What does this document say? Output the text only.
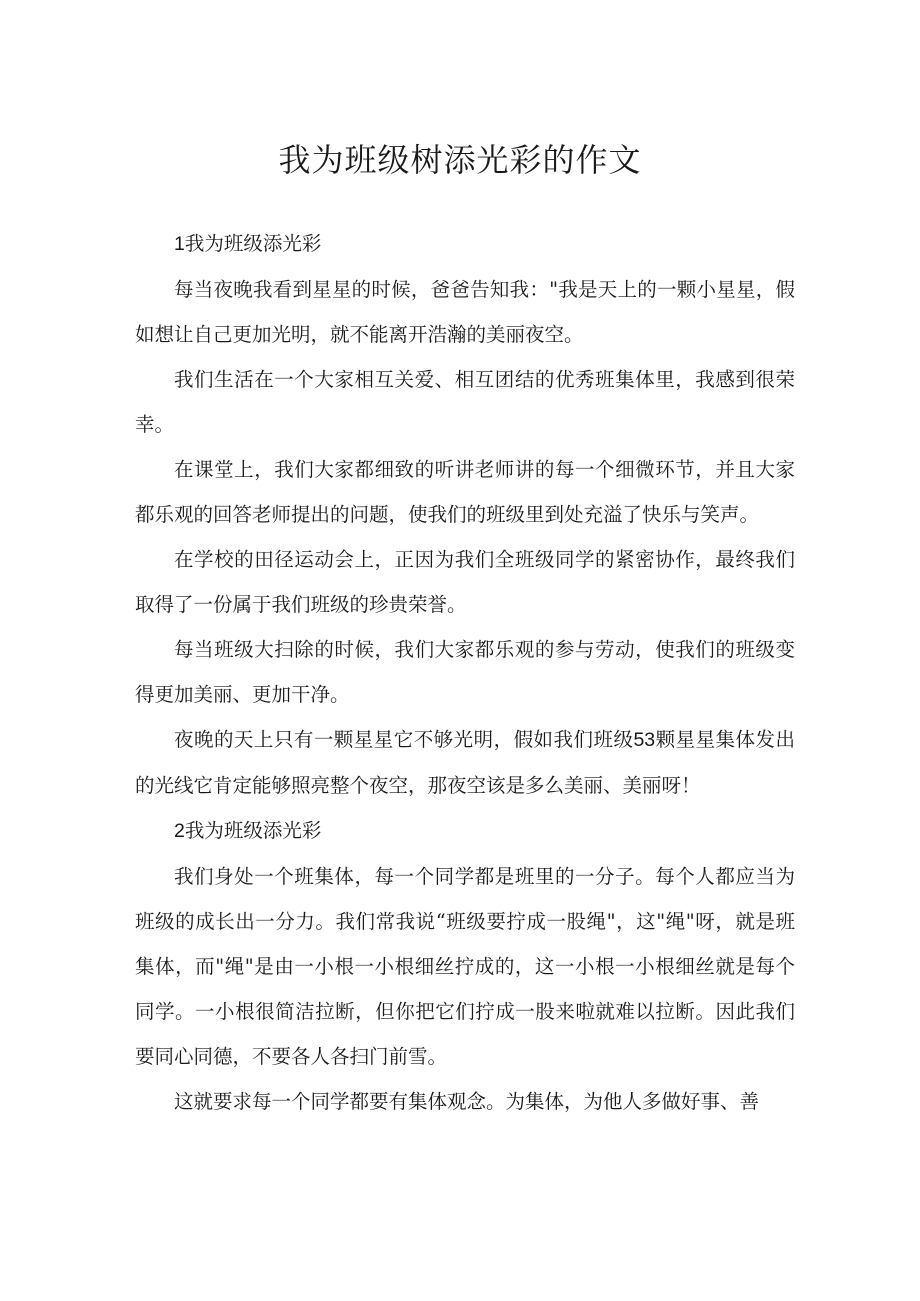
我为班级树添光彩的作文

1我为班级添光彩

每当夜晚我看到星星的时候，爸爸告知我："我是天上的一颗小星星，假如想让自己更加光明，就不能离开浩瀚的美丽夜空。

我们生活在一个大家相互关爱、相互团结的优秀班集体里，我感到很荣幸。

在课堂上，我们大家都细致的听讲老师讲的每一个细微环节，并且大家都乐观的回答老师提出的问题，使我们的班级里到处充溢了快乐与笑声。

在学校的田径运动会上，正因为我们全班级同学的紧密协作，最终我们取得了一份属于我们班级的珍贵荣誉。

每当班级大扫除的时候，我们大家都乐观的参与劳动，使我们的班级变得更加美丽、更加干净。

夜晚的天上只有一颗星星它不够光明，假如我们班级53颗星星集体发出的光线它肯定能够照亮整个夜空，那夜空该是多么美丽、美丽呀！

2我为班级添光彩

我们身处一个班集体，每一个同学都是班里的一分子。每个人都应当为班级的成长出一分力。我们常我说“班级要拧成一股绳"，这"绳"呀，就是班集体，而"绳"是由一小根一小根细丝拧成的，这一小根一小根细丝就是每个同学。一小根很简洁拉断，但你把它们拧成一股来啦就难以拉断。因此我们要同心同德，不要各人各扫门前雪。

这就要求每一个同学都要有集体观念。为集体，为他人多做好事、善
